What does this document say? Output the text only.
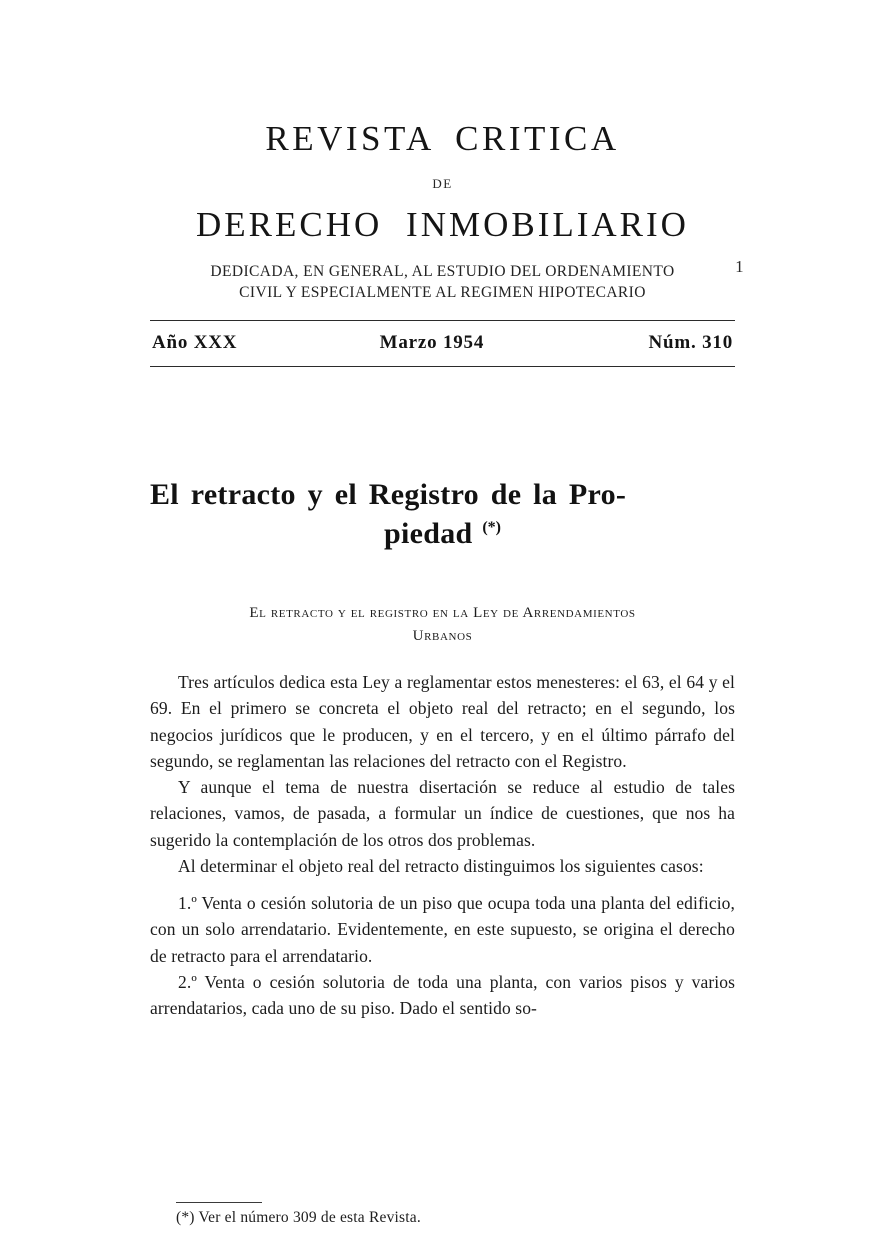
REVISTA CRITICA
DE
DERECHO INMOBILIARIO
DEDICADA, EN GENERAL, AL ESTUDIO DEL ORDENAMIENTO
CIVIL Y ESPECIALMENTE AL REGIMEN HIPOTECARIO
1
Año XXX	Marzo 1954	Núm. 310
El retracto y el Registro de la Pro-
piedad (*)
El retracto y el registro en la Ley de Arrendamientos
Urbanos

Tres artículos dedica esta Ley a reglamentar estos menesteres: el 63, el 64 y el 69. En el primero se concreta el objeto real del retracto; en el segundo, los negocios jurídicos que le producen, y en el tercero, y en el último párrafo del segundo, se reglamentan las relaciones del retracto con el Registro.

Y aunque el tema de nuestra disertación se reduce al estudio de tales relaciones, vamos, de pasada, a formular un índice de cuestiones, que nos ha sugerido la contemplación de los otros dos problemas.

Al determinar el objeto real del retracto distinguimos los siguientes casos:

1.º Venta o cesión solutoria de un piso que ocupa toda una planta del edificio, con un solo arrendatario. Evidentemente, en este supuesto, se origina el derecho de retracto para el arrendatario.

2.º Venta o cesión solutoria de toda una planta, con varios pisos y varios arrendatarios, cada uno de su piso. Dado el sentido so-

(*) Ver el número 309 de esta Revista.
